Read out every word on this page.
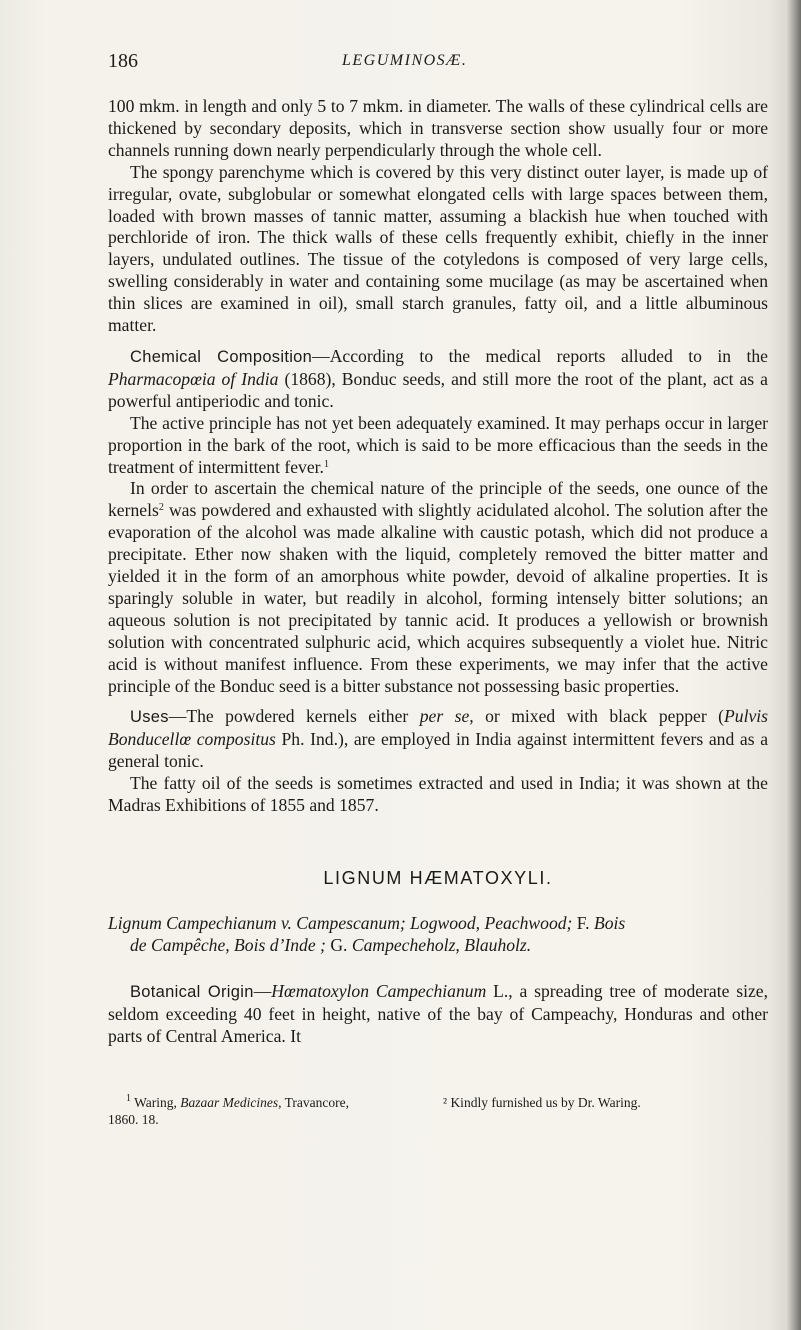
186	LEGUMINOSÆ.

100 mkm. in length and only 5 to 7 mkm. in diameter. The walls of these cylindrical cells are thickened by secondary deposits, which in transverse section show usually four or more channels running down nearly perpendicularly through the whole cell.

The spongy parenchyme which is covered by this very distinct outer layer, is made up of irregular, ovate, subglobular or somewhat elongated cells with large spaces between them, loaded with brown masses of tannic matter, assuming a blackish hue when touched with perchloride of iron. The thick walls of these cells frequently exhibit, chiefly in the inner layers, undulated outlines. The tissue of the cotyledons is composed of very large cells, swelling considerably in water and containing some mucilage (as may be ascertained when thin slices are examined in oil), small starch granules, fatty oil, and a little albuminous matter.

Chemical Composition—According to the medical reports alluded to in the Pharmacopœia of India (1868), Bonduc seeds, and still more the root of the plant, act as a powerful antiperiodic and tonic.

The active principle has not yet been adequately examined. It may perhaps occur in larger proportion in the bark of the root, which is said to be more efficacious than the seeds in the treatment of intermittent fever.$^1$

In order to ascertain the chemical nature of the principle of the seeds, one ounce of the kernels$^2$ was powdered and exhausted with slightly acidulated alcohol. The solution after the evaporation of the alcohol was made alkaline with caustic potash, which did not produce a precipitate. Ether now shaken with the liquid, completely removed the bitter matter and yielded it in the form of an amorphous white powder, devoid of alkaline properties. It is sparingly soluble in water, but readily in alcohol, forming intensely bitter solutions; an aqueous solution is not precipitated by tannic acid. It produces a yellowish or brownish solution with concentrated sulphuric acid, which acquires subsequently a violet hue. Nitric acid is without manifest influence. From these experiments, we may infer that the active principle of the Bonduc seed is a bitter substance not possessing basic properties.

Uses—The powdered kernels either per se, or mixed with black pepper (Pulvis Bonducellœ compositus Ph. Ind.), are employed in India against intermittent fevers and as a general tonic.

The fatty oil of the seeds is sometimes extracted and used in India; it was shown at the Madras Exhibitions of 1855 and 1857.

LIGNUM HÆMATOXYLI.
Lignum Campechianum v. Campescanum; Logwood, Peachwood; F. Bois
de Campêche, Bois d’Inde ; G. Campecheholz, Blauholz.

Botanical Origin—Hœmatoxylon Campechianum L., a spreading tree of moderate size, seldom exceeding 40 feet in height, native of the bay of Campeachy, Honduras and other parts of Central America. It

$^1$ Waring, Bazaar Medicines, Travancore,	² Kindly furnished us by Dr. Waring.
1860. 18.
